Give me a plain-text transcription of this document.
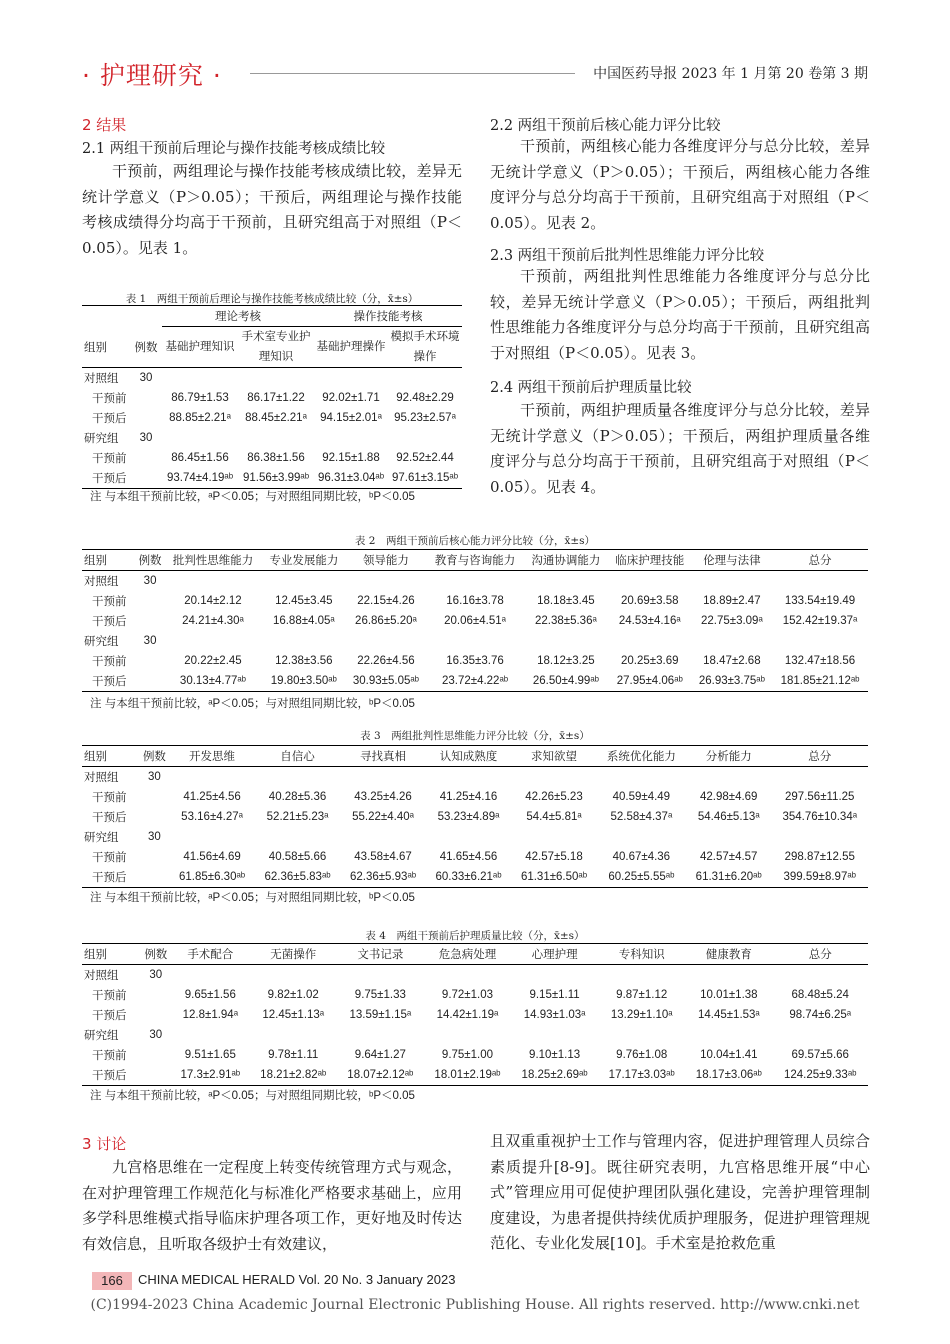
· 护理研究 ·	中国医药导报 2023 年 1 月第 20 卷第 3 期
2 结果
2.1 两组干预前后理论与操作技能考核成绩比较
干预前，两组理论与操作技能考核成绩比较，差异无统计学意义（P＞0.05）；干预后，两组理论与操作技能考核成绩得分均高于干预前，且研究组高于对照组（P＜0.05）。见表 1。
2.2 两组干预前后核心能力评分比较
干预前，两组核心能力各维度评分与总分比较，差异无统计学意义（P＞0.05）；干预后，两组核心能力各维度评分与总分均高于干预前，且研究组高于对照组（P＜0.05）。见表 2。
2.3 两组干预前后批判性思维能力评分比较
干预前，两组批判性思维能力各维度评分与总分比较，差异无统计学意义（P＞0.05）；干预后，两组批判性思维能力各维度评分与总分均高于干预前，且研究组高于对照组（P＜0.05）。见表 3。
2.4 两组干预前后护理质量比较
干预前，两组护理质量各维度评分与总分比较，差异无统计学意义（P＞0.05）；干预后，两组护理质量各维度评分与总分均高于干预前，且研究组高于对照组（P＜0.05）。见表 4。
表 1　两组干预前后理论与操作技能考核成绩比较（分，x̄±s）
		理论考核		操作技能考核	
组别	例数	基础护理知识	手术室专业护理知识	基础护理操作	模拟手术环境操作
对照组	30				
干预前		86.79±1.53	86.17±1.22	92.02±1.71	92.48±2.29
干预后		88.85±2.21ᵃ	88.45±2.21ᵃ	94.15±2.01ᵃ	95.23±2.57ᵃ
研究组	30				
干预前		86.45±1.56	86.38±1.56	92.15±1.88	92.52±2.44
干预后		93.74±4.19ᵃᵇ	91.56±3.99ᵃᵇ	96.31±3.04ᵃᵇ	97.61±3.15ᵃᵇ
注 与本组干预前比较，ᵃP＜0.05；与对照组同期比较，ᵇP＜0.05
表 2　两组干预前后核心能力评分比较（分，x̄±s）
组别	例数	批判性思维能力	专业发展能力	领导能力	教育与咨询能力	沟通协调能力	临床护理技能	伦理与法律	总分
对照组	30								
干预前		20.14±2.12	12.45±3.45	22.15±4.26	16.16±3.78	18.18±3.45	20.69±3.58	18.89±2.47	133.54±19.49
干预后		24.21±4.30ᵃ	16.88±4.05ᵃ	26.86±5.20ᵃ	20.06±4.51ᵃ	22.38±5.36ᵃ	24.53±4.16ᵃ	22.75±3.09ᵃ	152.42±19.37ᵃ
研究组	30								
干预前		20.22±2.45	12.38±3.56	22.26±4.56	16.35±3.76	18.12±3.25	20.25±3.69	18.47±2.68	132.47±18.56
干预后		30.13±4.77ᵃᵇ	19.80±3.50ᵃᵇ	30.93±5.05ᵃᵇ	23.72±4.22ᵃᵇ	26.50±4.99ᵃᵇ	27.95±4.06ᵃᵇ	26.93±3.75ᵃᵇ	181.85±21.12ᵃᵇ
注 与本组干预前比较，ᵃP＜0.05；与对照组同期比较，ᵇP＜0.05
表 3　两组批判性思维能力评分比较（分，x̄±s）
组别	例数	开发思维	自信心	寻找真相	认知成熟度	求知欲望	系统优化能力	分析能力	总分
对照组	30								
干预前		41.25±4.56	40.28±5.36	43.25±4.26	41.25±4.16	42.26±5.23	40.59±4.49	42.98±4.69	297.56±11.25
干预后		53.16±4.27ᵃ	52.21±5.23ᵃ	55.22±4.40ᵃ	53.23±4.89ᵃ	54.4±5.81ᵃ	52.58±4.37ᵃ	54.46±5.13ᵃ	354.76±10.34ᵃ
研究组	30								
干预前		41.56±4.69	40.58±5.66	43.58±4.67	41.65±4.56	42.57±5.18	40.67±4.36	42.57±4.57	298.87±12.55
干预后		61.85±6.30ᵃᵇ	62.36±5.83ᵃᵇ	62.36±5.93ᵃᵇ	60.33±6.21ᵃᵇ	61.31±6.50ᵃᵇ	60.25±5.55ᵃᵇ	61.31±6.20ᵃᵇ	399.59±8.97ᵃᵇ
注 与本组干预前比较，ᵃP＜0.05；与对照组同期比较，ᵇP＜0.05
表 4　两组干预前后护理质量比较（分，x̄±s）
组别	例数	手术配合	无菌操作	文书记录	危急病处理	心理护理	专科知识	健康教育	总分
对照组	30								
干预前		9.65±1.56	9.82±1.02	9.75±1.33	9.72±1.03	9.15±1.11	9.87±1.12	10.01±1.38	68.48±5.24
干预后		12.8±1.94ᵃ	12.45±1.13ᵃ	13.59±1.15ᵃ	14.42±1.19ᵃ	14.93±1.03ᵃ	13.29±1.10ᵃ	14.45±1.53ᵃ	98.74±6.25ᵃ
研究组	30								
干预前		9.51±1.65	9.78±1.11	9.64±1.27	9.75±1.00	9.10±1.13	9.76±1.08	10.04±1.41	69.57±5.66
干预后		17.3±2.91ᵃᵇ	18.21±2.82ᵃᵇ	18.07±2.12ᵃᵇ	18.01±2.19ᵃᵇ	18.25±2.69ᵃᵇ	17.17±3.03ᵃᵇ	18.17±3.06ᵃᵇ	124.25±9.33ᵃᵇ
注 与本组干预前比较，ᵃP＜0.05；与对照组同期比较，ᵇP＜0.05
3 讨论
九宫格思维在一定程度上转变传统管理方式与观念，在对护理管理工作规范化与标准化严格要求基础上，应用多学科思维模式指导临床护理各项工作，更好地及时传达有效信息，且听取各级护士有效建议，
且双重重视护士工作与管理内容，促进护理管理人员综合素质提升[8-9]。既往研究表明，九宫格思维开展“中心式”管理应用可促使护理团队强化建设，完善护理管理制度建设，为患者提供持续优质护理服务，促进护理管理规范化、专业化发展[10]。手术室是抢救危重
166	CHINA MEDICAL HERALD Vol. 20 No. 3 January 2023
(C)1994-2023 China Academic Journal Electronic Publishing House. All rights reserved. http://www.cnki.net
